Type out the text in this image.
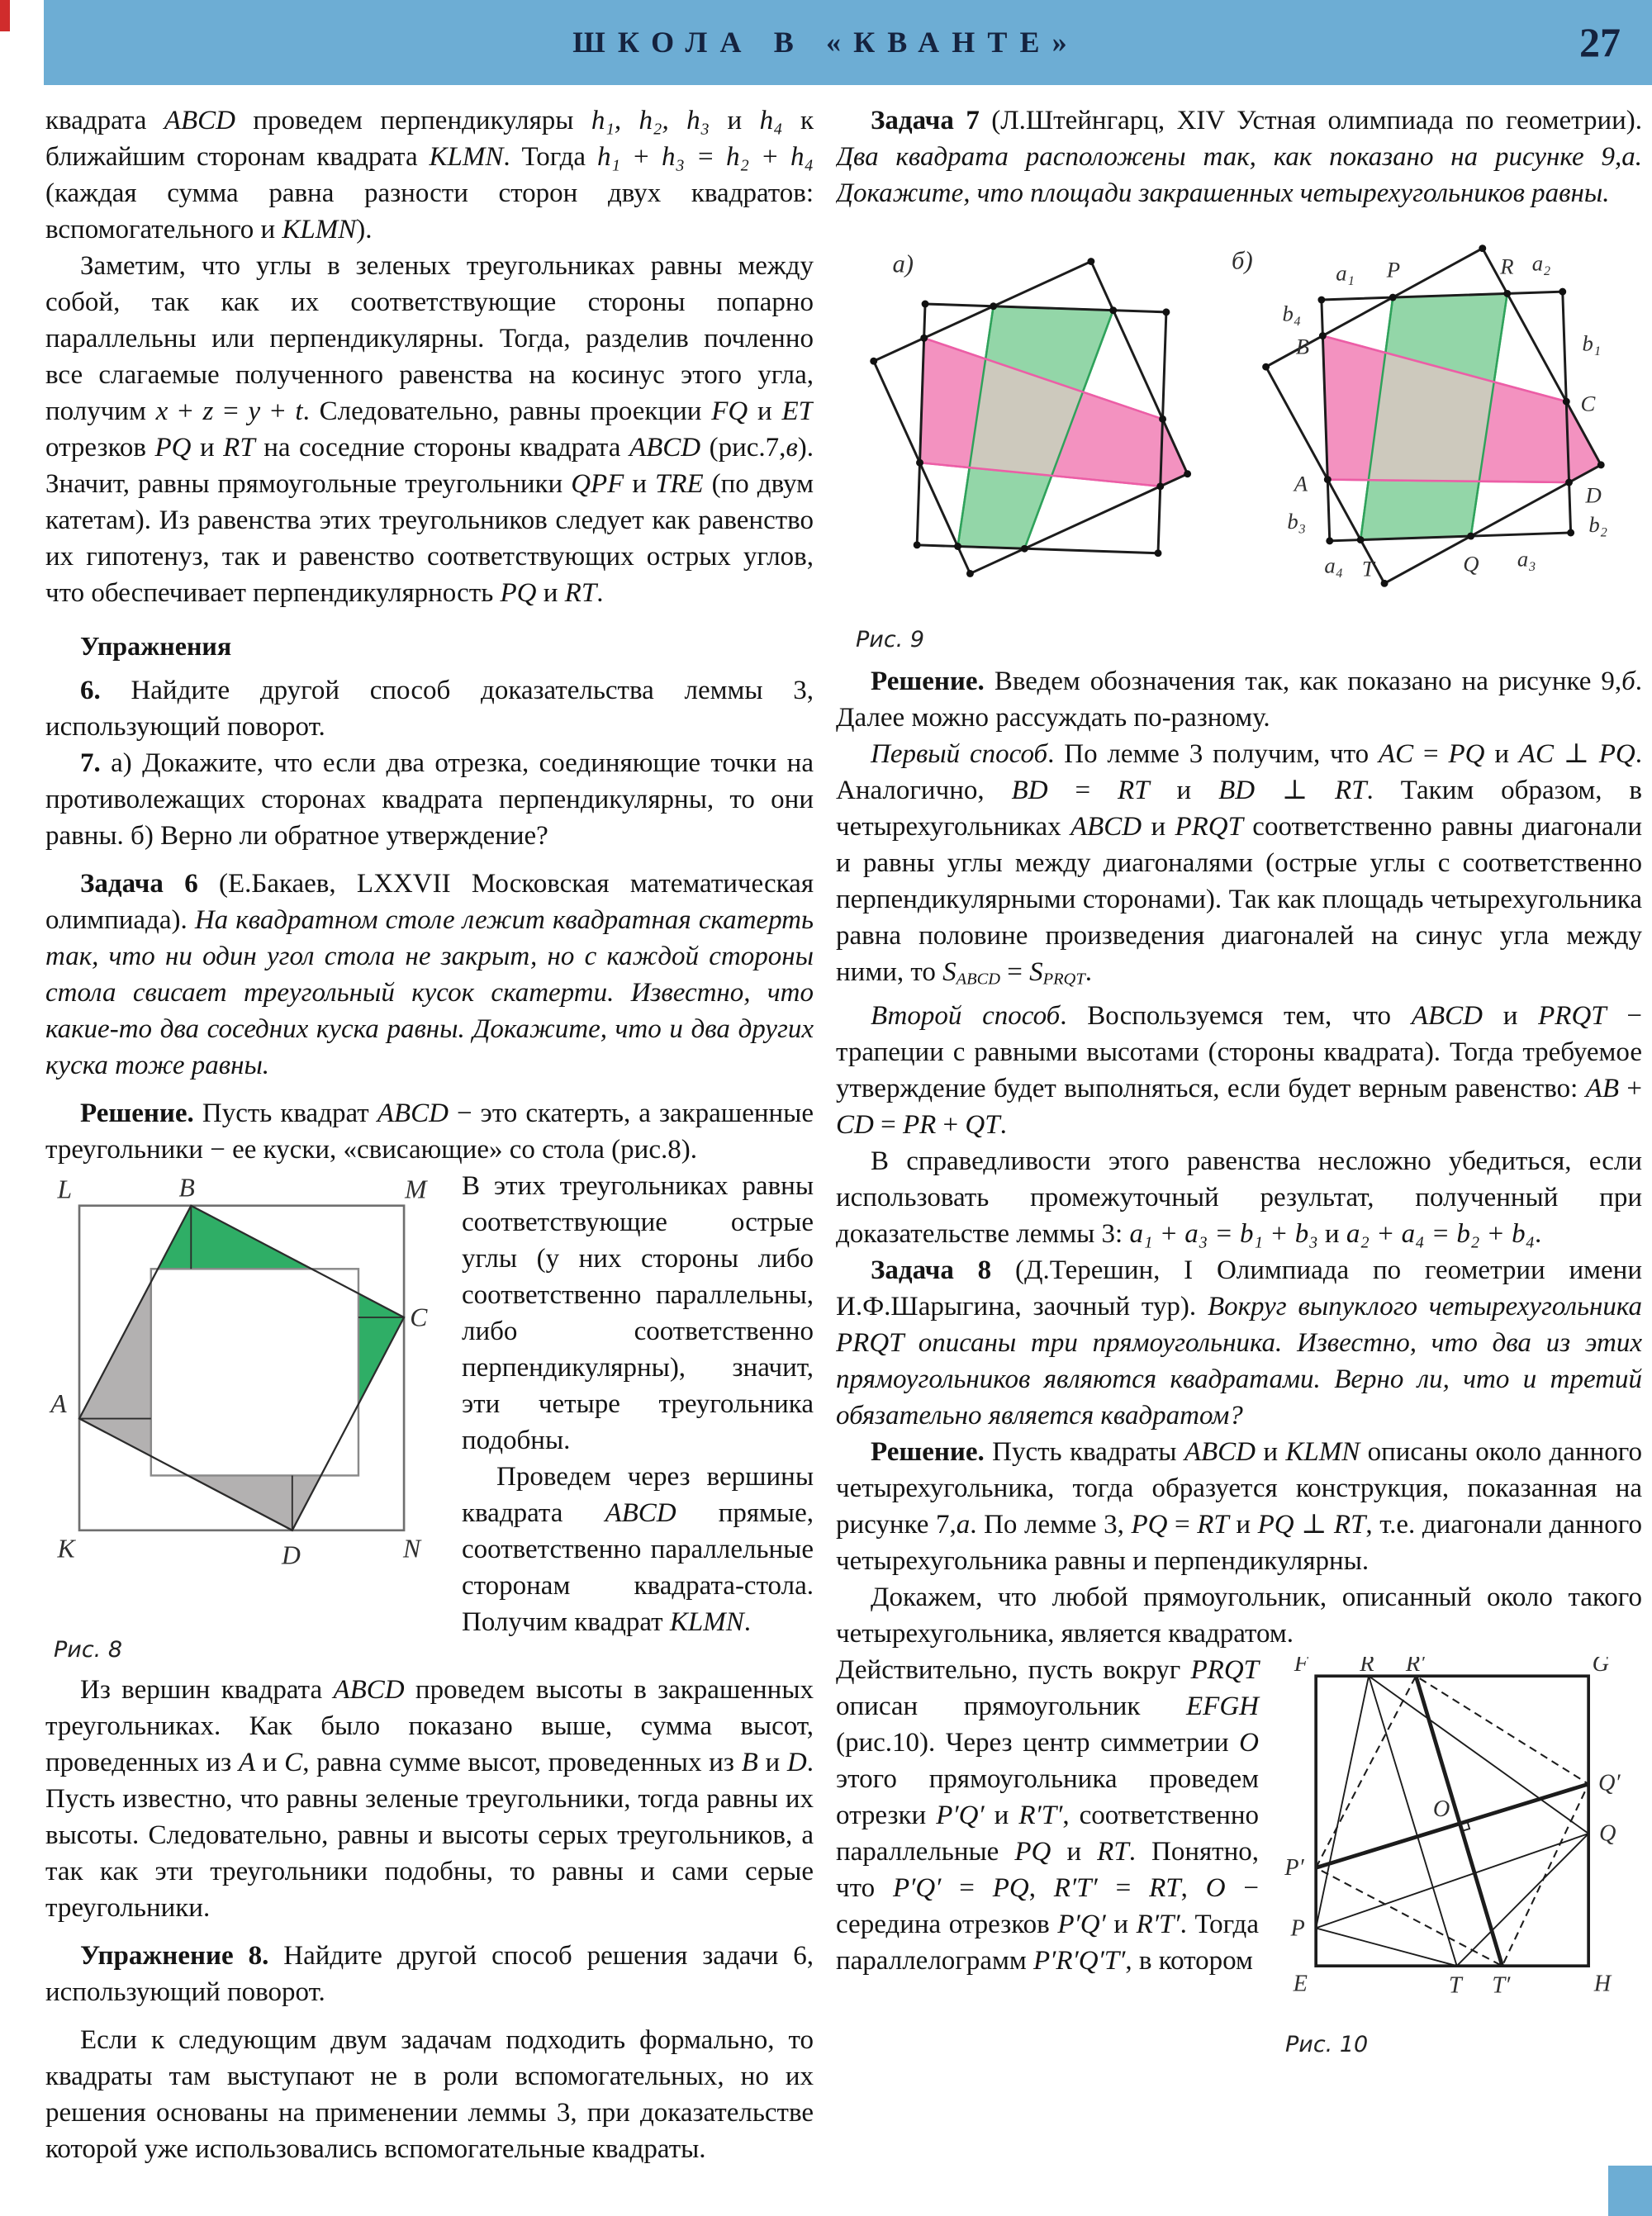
ШКОЛА В «КВАНТЕ»	27

квадрата ABCD проведем перпендикуляры h₁, h₂, h₃ и h₄ к ближайшим сторонам квадрата KLMN. Тогда h₁ + h₃ = h₂ + h₄ (каждая сумма равна разности сторон двух квадратов: вспомогательного и KLMN).

Заметим, что углы в зеленых треугольниках равны между собой, так как их соответствующие стороны попарно параллельны или перпендикулярны. Тогда, разделив почленно все слагаемые полученного равенства на косинус этого угла, получим x + z = y + t. Следовательно, равны проекции FQ и ET отрезков PQ и RT на соседние стороны квадрата ABCD (рис.7,в). Значит, равны прямоугольные треугольники QPF и TRE (по двум катетам). Из равенства этих треугольников следует как равенство их гипотенуз, так и равенство соответствующих острых углов, что обеспечивает перпендикулярность PQ и RT.

Упражнения

6. Найдите другой способ доказательства леммы 3, использующий поворот.

7. а) Докажите, что если два отрезка, соединяющие точки на противолежащих сторонах квадрата перпендикулярны, то они равны. б) Верно ли обратное утверждение?

Задача 6 (Е.Бакаев, LXXVII Московская математическая олимпиада). На квадратном столе лежит квадратная скатерть так, что ни один угол стола не закрыт, но с каждой стороны стола свисает треугольный кусок скатерти. Известно, что какие-то два соседних куска равны. Докажите, что и два других куска тоже равны.

Решение. Пусть квадрат ABCD − это скатерть, а закрашенные треугольники − ее куски, «свисающие» со стола (рис.8).

L	B	M
C
A
K	N
D
Рис. 8

В этих треугольниках равны соответствующие острые углы (у них стороны либо соответственно параллельны, либо соответственно перпендикулярны), значит, эти четыре треугольника подобны.

Проведем через вершины квадрата ABCD прямые, соответственно параллельные сторонам квадрата-стола. Получим квадрат KLMN.

Из вершин квадрата ABCD проведем высоты в закрашенных треугольниках. Как было показано выше, сумма высот, проведенных из A и C, равна сумме высот, проведенных из B и D. Пусть известно, что равны зеленые треугольники, тогда равны их высоты. Следовательно, равны и высоты серых треугольников, а так как эти треугольники подобны, то равны и сами серые треугольники.

Упражнение 8. Найдите другой способ решения задачи 6, использующий поворот.

Если к следующим двум задачам подходить формально, то квадраты там выступают не в роли вспомогательных, но их решения основаны на применении леммы 3, при доказательстве которой уже использовались вспомогательные квадраты.

Задача 7 (Л.Штейнгарц, XIV Устная олимпиада по геометрии). Два квадрата расположены так, как показано на рисунке 9,а. Докажите, что площади закрашенных четырехугольников равны.

а)	б)	a₁ P	R a₂
b₄
B	b₁
C
A
b₃
D
b₂
a₄ T	Q a₃
Рис. 9

Решение. Введем обозначения так, как показано на рисунке 9,б. Далее можно рассуждать по-разному.

Первый способ. По лемме 3 получим, что AC = PQ и AC ⊥ PQ. Аналогично, BD = RT и BD ⊥ RT. Таким образом, в четырехугольниках ABCD и PRQT соответственно равны диагонали и равны углы между диагоналями (острые углы с соответственно перпендикулярными сторонами). Так как площадь четырехугольника равна половине произведения диагоналей на синус угла между ними, то SABCD = SPRQT.

Второй способ. Воспользуемся тем, что ABCD и PRQT − трапеции с равными высотами (стороны квадрата). Тогда требуемое утверждение будет выполняться, если будет верным равенство: AB + CD = PR + QT.

В справедливости этого равенства несложно убедиться, если использовать промежуточный результат, полученный при доказательстве леммы 3: a₁ + a₃ = b₁ + b₃ и a₂ + a₄ = b₂ + b₄.

Задача 8 (Д.Терешин, I Олимпиада по геометрии имени И.Ф.Шарыгина, заочный тур). Вокруг выпуклого четырехугольника PRQT описаны три прямоугольника. Известно, что два из этих прямоугольников являются квадратами. Верно ли, что и третий обязательно является квадратом?

Решение. Пусть квадраты ABCD и KLMN описаны около данного четырехугольника, тогда образуется конструкция, показанная на рисунке 7,а. По лемме 3, PQ = RT и PQ ⊥ RT, т.е. диагонали данного четырехугольника равны и перпендикулярны.

Докажем, что любой прямоугольник, описанный около такого четырехугольника, является квадратом.

F R R′	G
P′
P
Q′
Q
O
E	T T′	H
Рис. 10

Действительно, пусть вокруг PRQT описан прямоугольник EFGH (рис.10). Через центр симметрии O этого прямоугольника проведем отрезки P′Q′ и R′T′, соответственно параллельные PQ и RT. Понятно, что P′Q′ = PQ, R′T′ = RT, O − середина отрезков P′Q′ и R′T′. Тогда параллелограмм P′R′Q′T′, в котором
